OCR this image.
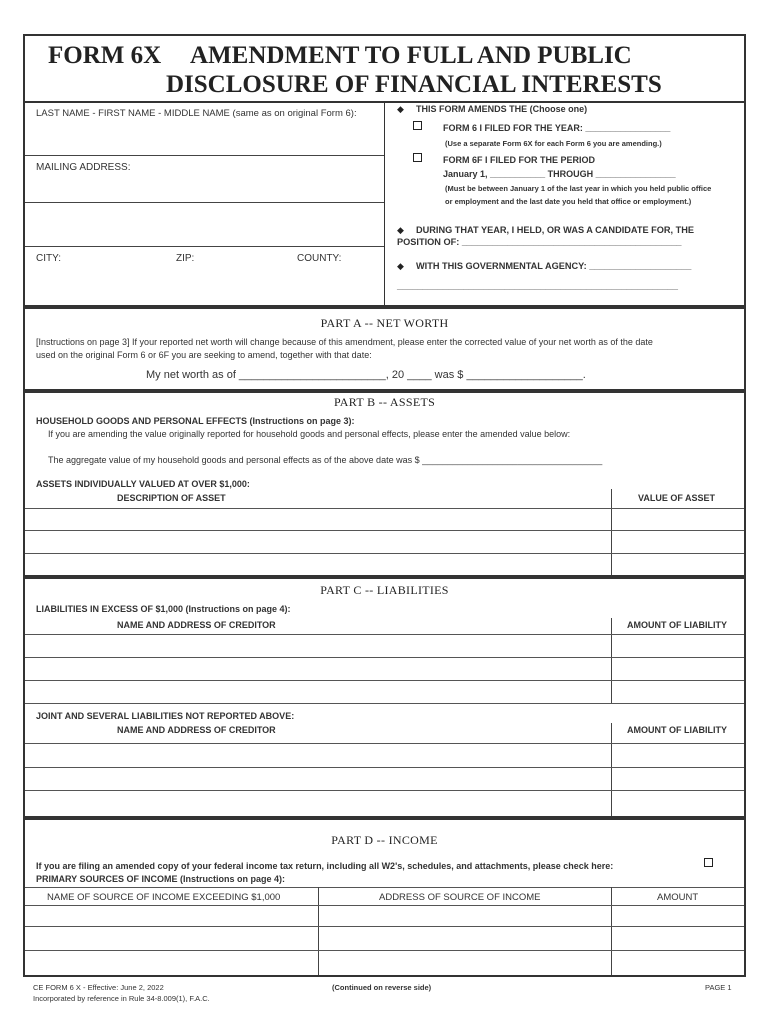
FORM 6X AMENDMENT TO FULL AND PUBLIC
DISCLOSURE OF FINANCIAL INTERESTS
LAST NAME - FIRST NAME - MIDDLE NAME (same as on original Form 6):
MAILING ADDRESS:
CITY:	ZIP:	COUNTY:
◆ THIS FORM AMENDS THE (Choose one)
FORM 6 I FILED FOR THE YEAR: _________________
(Use a separate Form 6X for each Form 6 you are amending.)
FORM 6F I FILED FOR THE PERIOD
January 1, ___________ THROUGH ________________
(Must be between January 1 of the last year in which you held public office
or employment and the last date you held that office or employment.)
◆ DURING THAT YEAR, I HELD, OR WAS A CANDIDATE FOR, THE
POSITION OF: ___________________________________________
◆ WITH THIS GOVERNMENTAL AGENCY: ____________________
_______________________________________________________
PART A -- NET WORTH
[Instructions on page 3] If your reported net worth will change because of this amendment, please enter the corrected value of your net worth as of the date
used on the original Form 6 or 6F you are seeking to amend, together with that date:
My net worth as of ________________________, 20 ____ was $ ___________________.
PART B -- ASSETS
HOUSEHOLD GOODS AND PERSONAL EFFECTS (Instructions on page 3):
If you are amending the value originally reported for household goods and personal effects, please enter the amended value below:
The aggregate value of my household goods and personal effects as of the above date was $ ____________________________________
ASSETS INDIVIDUALLY VALUED AT OVER $1,000:
DESCRIPTION OF ASSET	VALUE OF ASSET
PART C -- LIABILITIES
LIABILITIES IN EXCESS OF $1,000 (Instructions on page 4):
NAME AND ADDRESS OF CREDITOR	AMOUNT OF LIABILITY
JOINT AND SEVERAL LIABILITIES NOT REPORTED ABOVE:
NAME AND ADDRESS OF CREDITOR	AMOUNT OF LIABILITY
PART D -- INCOME
If you are filing an amended copy of your federal income tax return, including all W2's, schedules, and attachments, please check here:
PRIMARY SOURCES OF INCOME (Instructions on page 4):
NAME OF SOURCE OF INCOME EXCEEDING $1,000	ADDRESS OF SOURCE OF INCOME	AMOUNT
CE FORM 6 X - Effective: June 2, 2022
Incorporated by reference in Rule 34-8.009(1), F.A.C.
(Continued on reverse side)	PAGE 1
